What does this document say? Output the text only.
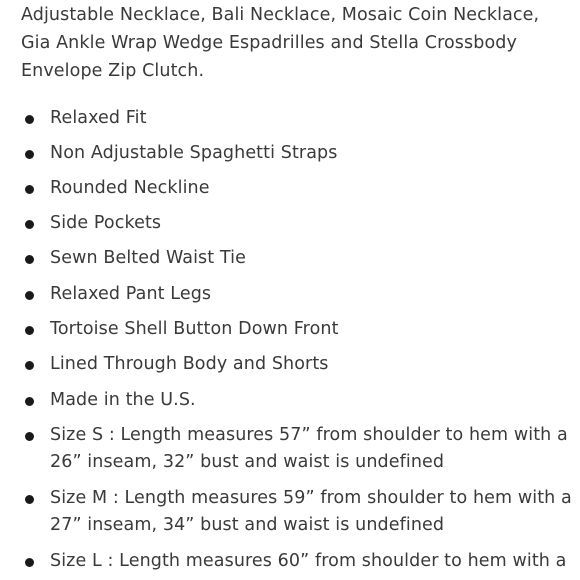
Adjustable Necklace, Bali Necklace, Mosaic Coin Necklace, Gia Ankle Wrap Wedge Espadrilles and Stella Crossbody Envelope Zip Clutch.

Relaxed Fit
Non Adjustable Spaghetti Straps
Rounded Neckline
Side Pockets
Sewn Belted Waist Tie
Relaxed Pant Legs
Tortoise Shell Button Down Front
Lined Through Body and Shorts
Made in the U.S.
Size S : Length measures 57” from shoulder to hem with a 26” inseam, 32” bust and waist is undefined
Size M : Length measures 59” from shoulder to hem with a 27” inseam, 34” bust and waist is undefined
Size L : Length measures 60” from shoulder to hem with a
